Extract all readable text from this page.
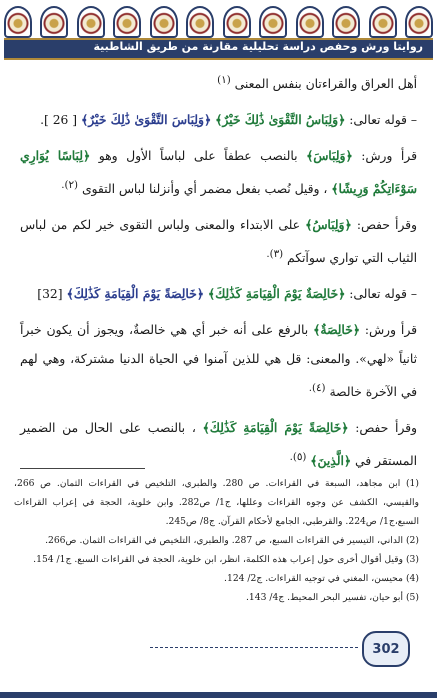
روايتا ورش وحفص دراسة تحليلية مقارنة من طريق الشاطبية

أهل العراق والقراءتان بنفس المعنى $^{(١)}$

– قوله تعالى: ﴿وَلِبَاسُ التَّقْوَىٰ ذَٰلِكَ خَيْرٌ﴾ ﴿وَلِبَاسَ التَّقْوَىٰ ذَٰلِكَ خَيْرٌ﴾ [ 26 ].

قرأ ورش: ﴿وَلِبَاسَ﴾ بالنصب عطفاً على لباساً الأول وهو ﴿لِبَاسًا يُوَارِي سَوْءَاتِكُمْ وَرِيشًا﴾ ، وقيل نُصب بفعل مضمر أي وأنزلنا لباس التقوى $^{(٢).}$

وقرأ حفص: ﴿وَلِبَاسُ﴾ على الابتداء والمعنى ولباس التقوى خير لكم من لباس الثياب التي تواري سوآتكم $^{(٣).}$

– قوله تعالى: ﴿خَالِصَةٌ يَوْمَ الْقِيَامَةِ كَذَٰلِكَ﴾ ﴿خَالِصَةً يَوْمَ الْقِيَامَةِ كَذَٰلِكَ﴾ [32]

قرأ ورش: ﴿خَالِصَةٌ﴾ بالرفع على أنه خبر أي هي خالصةٌ، ويجوز أن يكون خبراً ثانياً «لهي». والمعنى: قل هي للذين آمنوا في الحياة الدنيا مشتركة، وهي لهم في الآخرة خالصة $^{(٤).}$

وقرأ حفص: ﴿خَالِصَةً يَوْمَ الْقِيَامَةِ كَذَٰلِكَ﴾ ، بالنصب على الحال من الضمير المستقر في ﴿الَّذِينَ﴾ $^{(٥).}$

(1) ابن مجاهد، السبعة في القراءات. ص 280. والطبري، التلخيص في القراءات الثمان. ص 266، والقيسي، الكشف عن وجوه القراءات وعللها، ج1/ ص282. وابن خلوية، الحجة في إعراب القراءات السبع،ج1/ ص224. والقرطبي، الجامع لأحكام القرآن. ج8/ ص245.

(2) الداني، التيسير في القراءات السبع، ص 287. والطبري، التلخيص في القراءات الثمان. ص266.

(3) وقيل أقوال أخرى حول إعراب هذه الكلمة، انظر، ابن خلوية، الحجة في القراءات السبع. ج1/ 154.

(4) محيسن، المغني في توجيه القراءات. ج2/ 124.

(5) أبو حيان، تفسير البحر المحيط. ج4/ 143.

302
